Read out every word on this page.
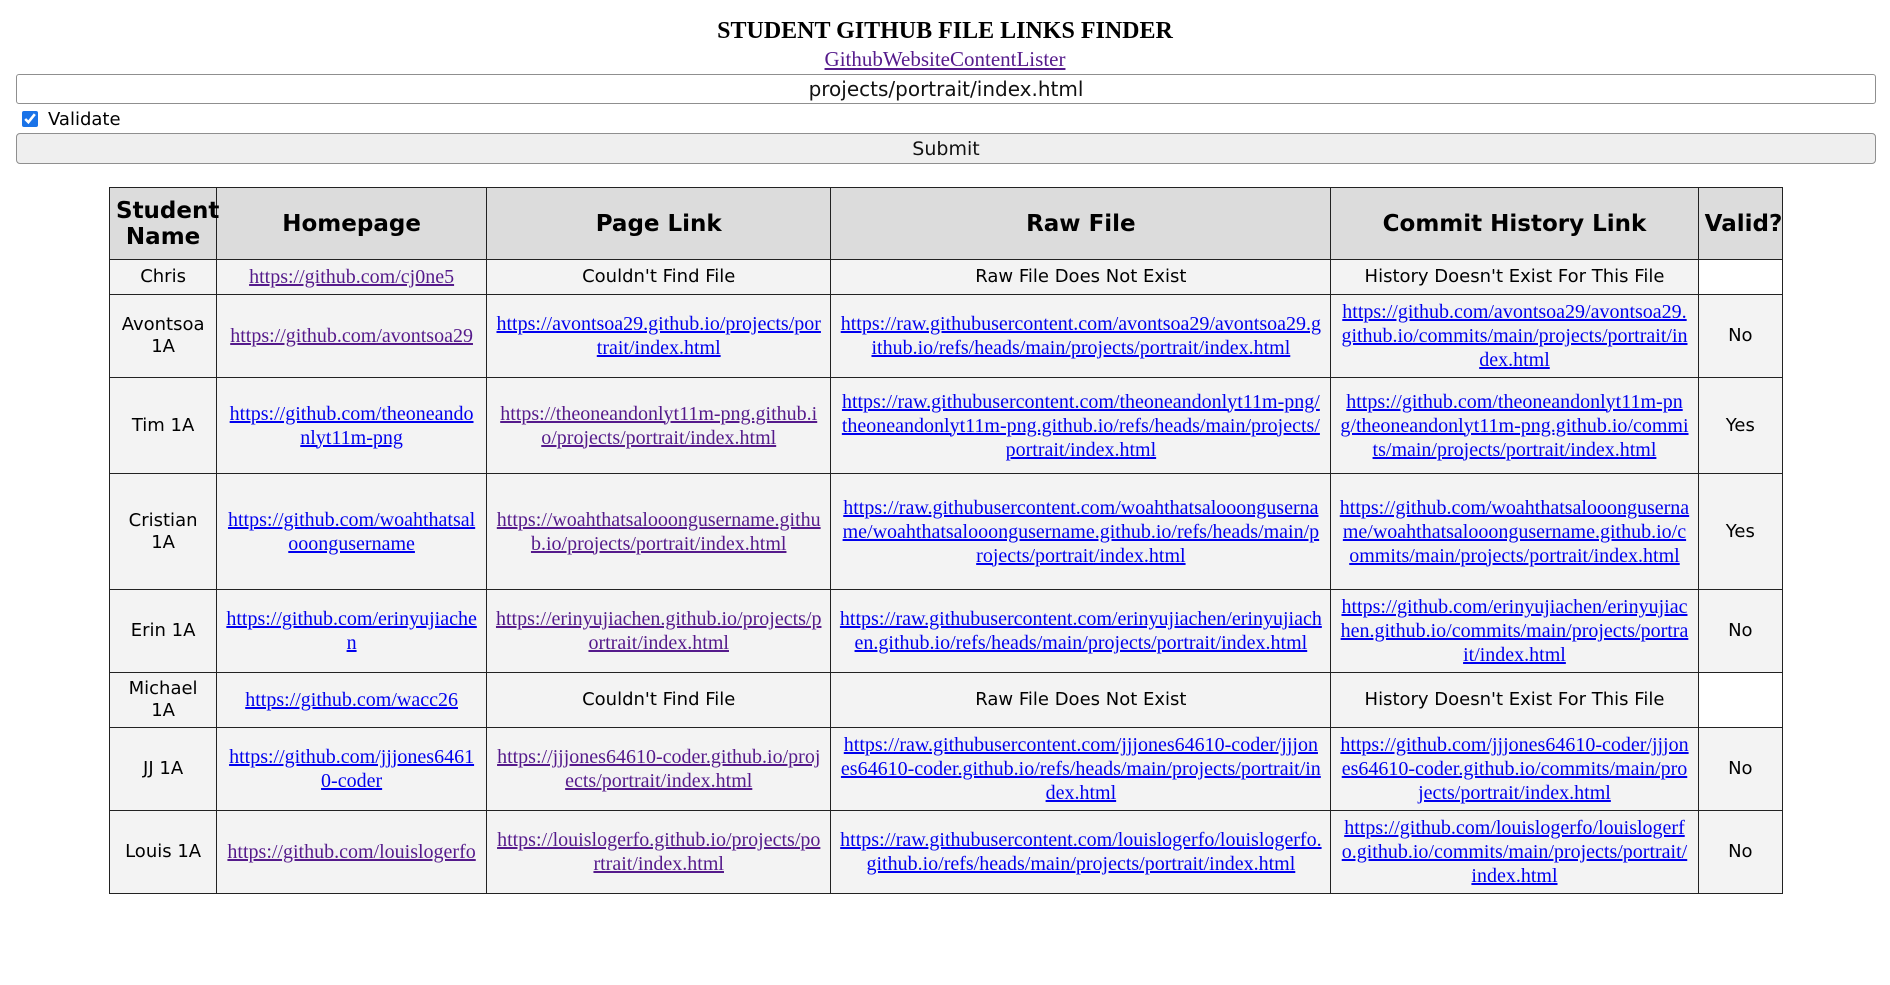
STUDENT GITHUB FILE LINKS FINDER
GithubWebsiteContentLister
projects/portrait/index.html
Validate
Submit
Student Name	Homepage	Page Link	Raw File	Commit History Link	Valid?
Chris	https://github.com/cj0ne5	Couldn't Find File	Raw File Does Not Exist	History Doesn't Exist For This File	
Avontsoa 1A	https://github.com/avontsoa29	https://avontsoa29.github.io/projects/portrait/index.html	https://raw.githubusercontent.com/avontsoa29/avontsoa29.github.io/refs/heads/main/projects/portrait/index.html	https://github.com/avontsoa29/avontsoa29.github.io/commits/main/projects/portrait/index.html	No
Tim 1A	https://github.com/theoneandonlyt11m-png	https://theoneandonlyt11m-png.github.io/projects/portrait/index.html	https://raw.githubusercontent.com/theoneandonlyt11m-png/theoneandonlyt11m-png.github.io/refs/heads/main/projects/portrait/index.html	https://github.com/theoneandonlyt11m-png/theoneandonlyt11m-png.github.io/commits/main/projects/portrait/index.html	Yes
Cristian 1A	https://github.com/woahthatsalooongusername	https://woahthatsalooongusername.github.io/projects/portrait/index.html	https://raw.githubusercontent.com/woahthatsalooongusername/woahthatsalooongusername.github.io/refs/heads/main/projects/portrait/index.html	https://github.com/woahthatsalooongusername/woahthatsalooongusername.github.io/commits/main/projects/portrait/index.html	Yes
Erin 1A	https://github.com/erinyujiachen	https://erinyujiachen.github.io/projects/portrait/index.html	https://raw.githubusercontent.com/erinyujiachen/erinyujiachen.github.io/refs/heads/main/projects/portrait/index.html	https://github.com/erinyujiachen/erinyujiachen.github.io/commits/main/projects/portrait/index.html	No
Michael 1A	https://github.com/wacc26	Couldn't Find File	Raw File Does Not Exist	History Doesn't Exist For This File	
JJ 1A	https://github.com/jjjones64610-coder	https://jjjones64610-coder.github.io/projects/portrait/index.html	https://raw.githubusercontent.com/jjjones64610-coder/jjjones64610-coder.github.io/refs/heads/main/projects/portrait/index.html	https://github.com/jjjones64610-coder/jjjones64610-coder.github.io/commits/main/projects/portrait/index.html	No
Louis 1A	https://github.com/louislogerfo	https://louislogerfo.github.io/projects/portrait/index.html	https://raw.githubusercontent.com/louislogerfo/louislogerfo.github.io/refs/heads/main/projects/portrait/index.html	https://github.com/louislogerfo/louislogerfo.github.io/commits/main/projects/portrait/index.html	No
